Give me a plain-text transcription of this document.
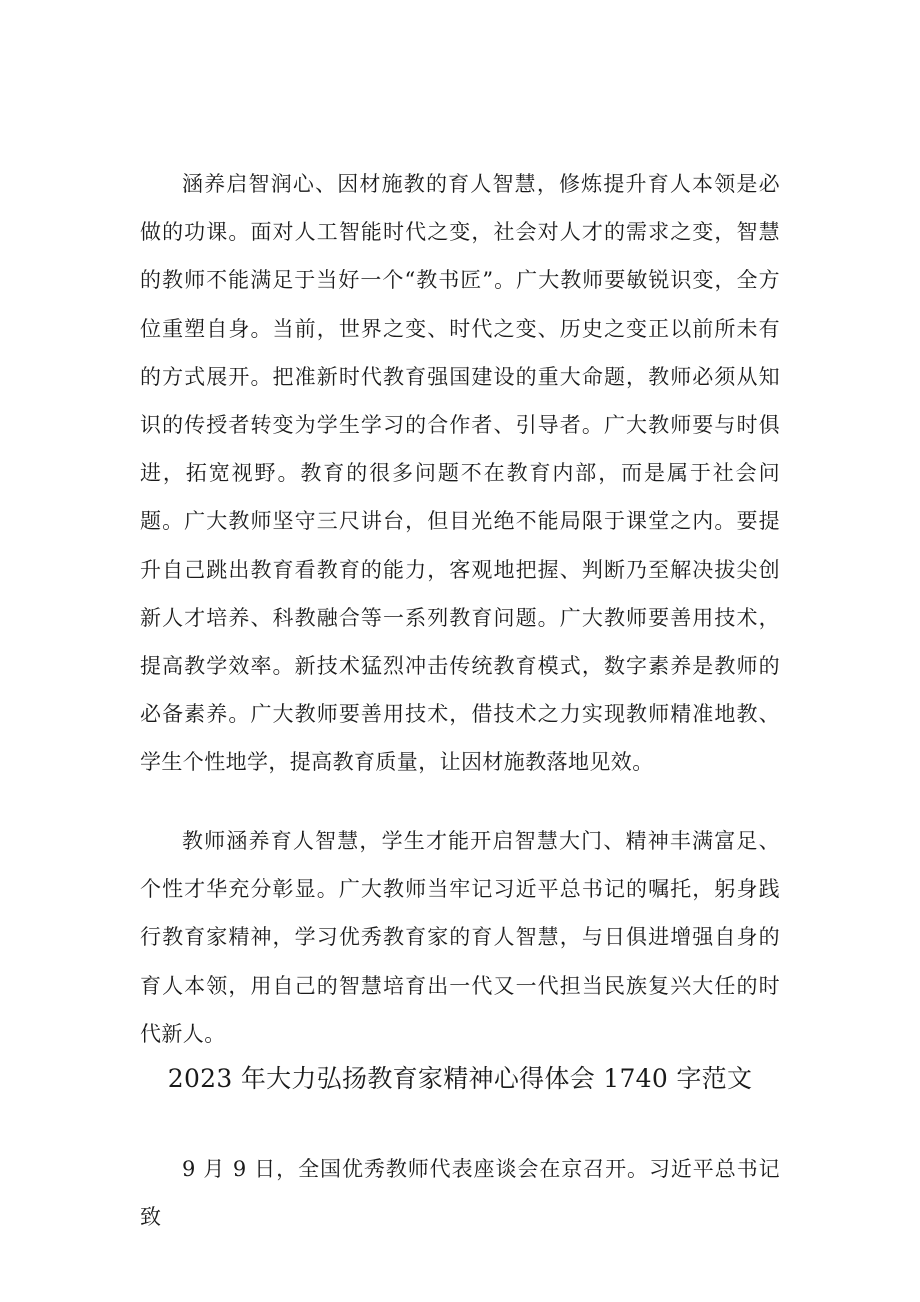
涵养启智润心、因材施教的育人智慧，修炼提升育人本领是必做的功课。面对人工智能时代之变，社会对人才的需求之变，智慧的教师不能满足于当好一个“教书匠”。广大教师要敏锐识变，全方位重塑自身。当前，世界之变、时代之变、历史之变正以前所未有的方式展开。把准新时代教育强国建设的重大命题，教师必须从知识的传授者转变为学生学习的合作者、引导者。广大教师要与时俱进，拓宽视野。教育的很多问题不在教育内部，而是属于社会问题。广大教师坚守三尺讲台，但目光绝不能局限于课堂之内。要提升自己跳出教育看教育的能力，客观地把握、判断乃至解决拔尖创新人才培养、科教融合等一系列教育问题。广大教师要善用技术，提高教学效率。新技术猛烈冲击传统教育模式，数字素养是教师的必备素养。广大教师要善用技术，借技术之力实现教师精准地教、学生个性地学，提高教育质量，让因材施教落地见效。

教师涵养育人智慧，学生才能开启智慧大门、精神丰满富足、个性才华充分彰显。广大教师当牢记习近平总书记的嘱托，躬身践行教育家精神，学习优秀教育家的育人智慧，与日俱进增强自身的育人本领，用自己的智慧培育出一代又一代担当民族复兴大任的时代新人。

2023 年大力弘扬教育家精神心得体会 1740 字范文

9 月 9 日，全国优秀教师代表座谈会在京召开。习近平总书记致
